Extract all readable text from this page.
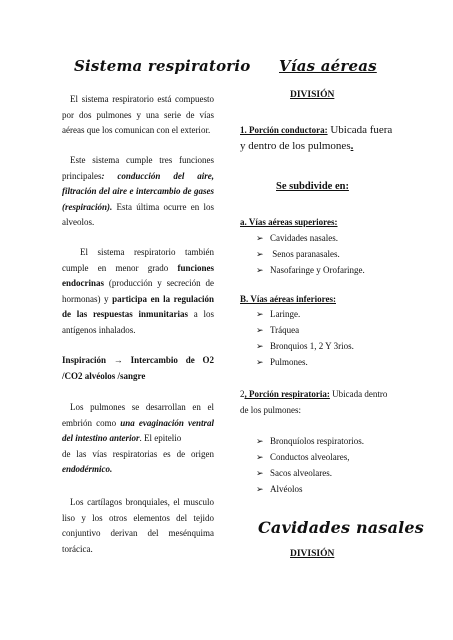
Sistema respiratorio
El sistema respiratorio está compuesto por dos pulmones y una serie de vías aéreas que los comunican con el exterior.
Este sistema cumple tres funciones principales: conducción del aire, filtración del aire e intercambio de gases (respiración). Esta última ocurre en los alveolos.
El sistema respiratorio también cumple en menor grado funciones endocrinas (producción y secreción de hormonas) y participa en la regulación de las respuestas inmunitarias a los antígenos inhalados.
Inspiración → Intercambio de O2 /CO2 alvéolos /sangre
Los pulmones se desarrollan en el embrión como una evaginación ventral del intestino anterior. El epitelio
de las vías respiratorias es de origen endodérmico.
Los cartílagos bronquiales, el musculo liso y los otros elementos del tejido conjuntivo derivan del mesénquima torácica.
Vías aéreas
DIVISIÓN
1. Porción conductora: Ubicada fuera y dentro de los pulmones.
Se subdivide en:
a. Vías aéreas superiores:
➢ Cavidades nasales.
➢ Senos paranasales.
➢ Nasofaringe y Orofaringe.
B. Vías aéreas inferiores:
➢ Laringe.
➢ Tráquea
➢ Bronquios 1, 2 Y 3rios.
➢ Pulmones.
2, Porción respiratoria: Ubicada dentro de los pulmones:
➢ Bronquíolos respiratorios.
➢ Conductos alveolares,
➢ Sacos alveolares.
➢ Alvéolos
Cavidades nasales
DIVISIÓN
